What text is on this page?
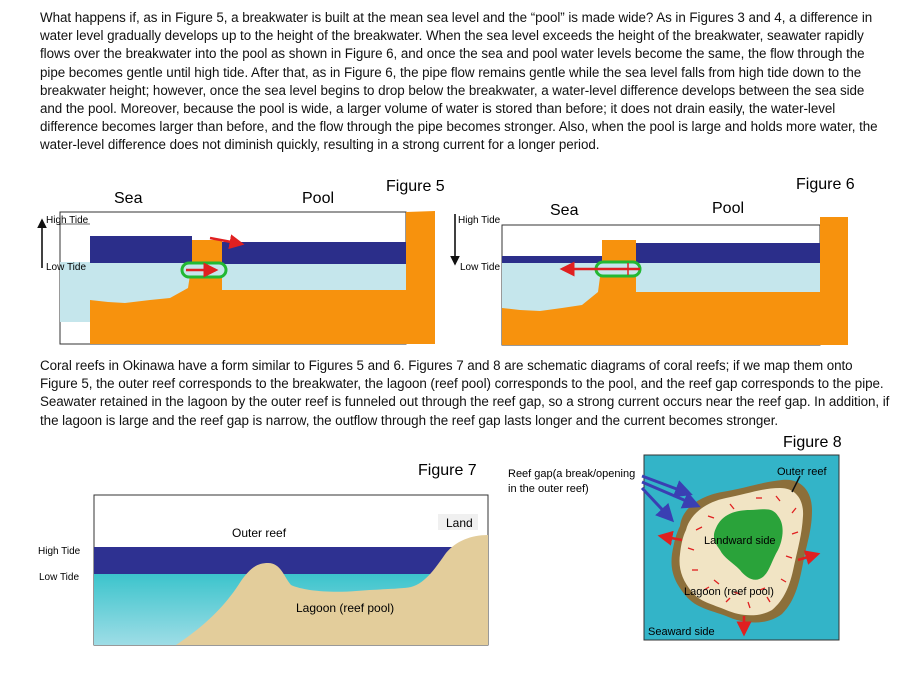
What happens if, as in Figure 5, a breakwater is built at the mean sea level and the “pool” is made wide? As in Figures 3 and 4, a difference in water level gradually develops up to the height of the breakwater. When the sea level exceeds the height of the breakwater, seawater rapidly flows over the breakwater into the pool as shown in Figure 6, and once the sea and pool water levels become the same, the flow through the pipe becomes gentle until high tide. After that, as in Figure 6, the pipe flow remains gentle while the sea level falls from high tide down to the breakwater height; however, once the sea level begins to drop below the breakwater, a water-level difference develops between the sea side and the pool. Moreover, because the pool is wide, a larger volume of water is stored than before; it does not drain easily, the water-level difference becomes larger than before, and the flow through the pipe becomes stronger. Also, when the pool is large and holds more water, the water-level difference does not diminish quickly, resulting in a strong current for a longer period.

High Tide
Low Tide
Sea	Pool
Figure 5
High Tide
Low Tide
Sea	Pool
Figure 6

Coral reefs in Okinawa have a form similar to Figures 5 and 6. Figures 7 and 8 are schematic diagrams of coral reefs; if we map them onto Figure 5, the outer reef corresponds to the breakwater, the lagoon (reef pool) corresponds to the pool, and the reef gap corresponds to the pipe. Seawater retained in the lagoon by the outer reef is funneled out through the reef gap, so a strong current occurs near the reef gap. In addition, if the lagoon is large and the reef gap is narrow, the outflow through the reef gap lasts longer and the current becomes stronger.

Outer reef
Land
Lagoon (reef pool)
High Tide
Low Tide
Figure 7
Figure 8
Reef gap(a break/opening
in the outer reef)
Outer reef
Landward side
Lagoon (reef pool)
Seaward side
